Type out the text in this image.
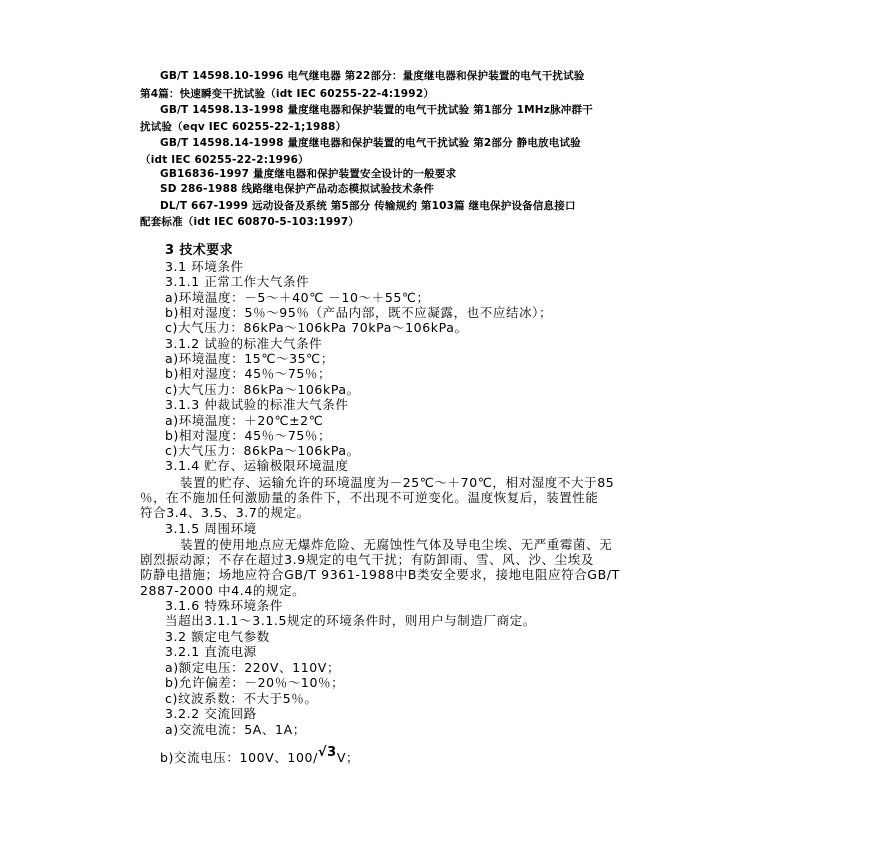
GB/T 14598.10-1996 电气继电器 第22部分：量度继电器和保护装置的电气干扰试验
第4篇：快速瞬变干扰试验（idt IEC 60255-22-4:1992）
GB/T 14598.13-1998 量度继电器和保护装置的电气干扰试验 第1部分 1MHz脉冲群干
扰试验（eqv IEC 60255-22-1;1988）
GB/T 14598.14-1998 量度继电器和保护装置的电气干扰试验 第2部分 静电放电试验
（idt IEC 60255-22-2:1996）
GB16836-1997 量度继电器和保护装置安全设计的一般要求
SD 286-1988 线路继电保护产品动态模拟试验技术条件
DL/T 667-1999 远动设备及系统 第5部分 传输规约 第103篇 继电保护设备信息接口
配套标准（idt IEC 60870-5-103:1997）
3 技术要求
3.1 环境条件
3.1.1 正常工作大气条件
a)环境温度：－5～＋40℃ －10～＋55℃；
b)相对湿度：5％～95％（产品内部，既不应凝露，也不应结冰）；
c)大气压力：86kPa～106kPa 70kPa～106kPa。
3.1.2 试验的标准大气条件
a)环境温度：15℃～35℃；
b)相对湿度：45％～75％；
c)大气压力：86kPa～106kPa。
3.1.3 仲裁试验的标准大气条件
a)环境温度：＋20℃±2℃
b)相对湿度：45％～75％；
c)大气压力：86kPa～106kPa。
3.1.4 贮存、运输极限环境温度
装置的贮存、运输允许的环境温度为－25℃～＋70℃，相对湿度不大于85
％，在不施加任何激励量的条件下，不出现不可逆变化。温度恢复后，装置性能
符合3.4、3.5、3.7的规定。
3.1.5 周围环境
装置的使用地点应无爆炸危险、无腐蚀性气体及导电尘埃、无严重霉菌、无
剧烈振动源；不存在超过3.9规定的电气干扰；有防卸雨、雪、风、沙、尘埃及
防静电措施；场地应符合GB/T 9361-1988中B类安全要求，接地电阻应符合GB/T
2887-2000 中4.4的规定。
3.1.6 特殊环境条件
当超出3.1.1～3.1.5规定的环境条件时，则用户与制造厂商定。
3.2 额定电气参数
3.2.1 直流电源
a)额定电压：220V、110V；
b)允许偏差：－20％～10％；
c)纹波系数：不大于5％。
3.2.2 交流回路
a)交流电流：5A、1A；
b)交流电压：100V、100/√3V；
